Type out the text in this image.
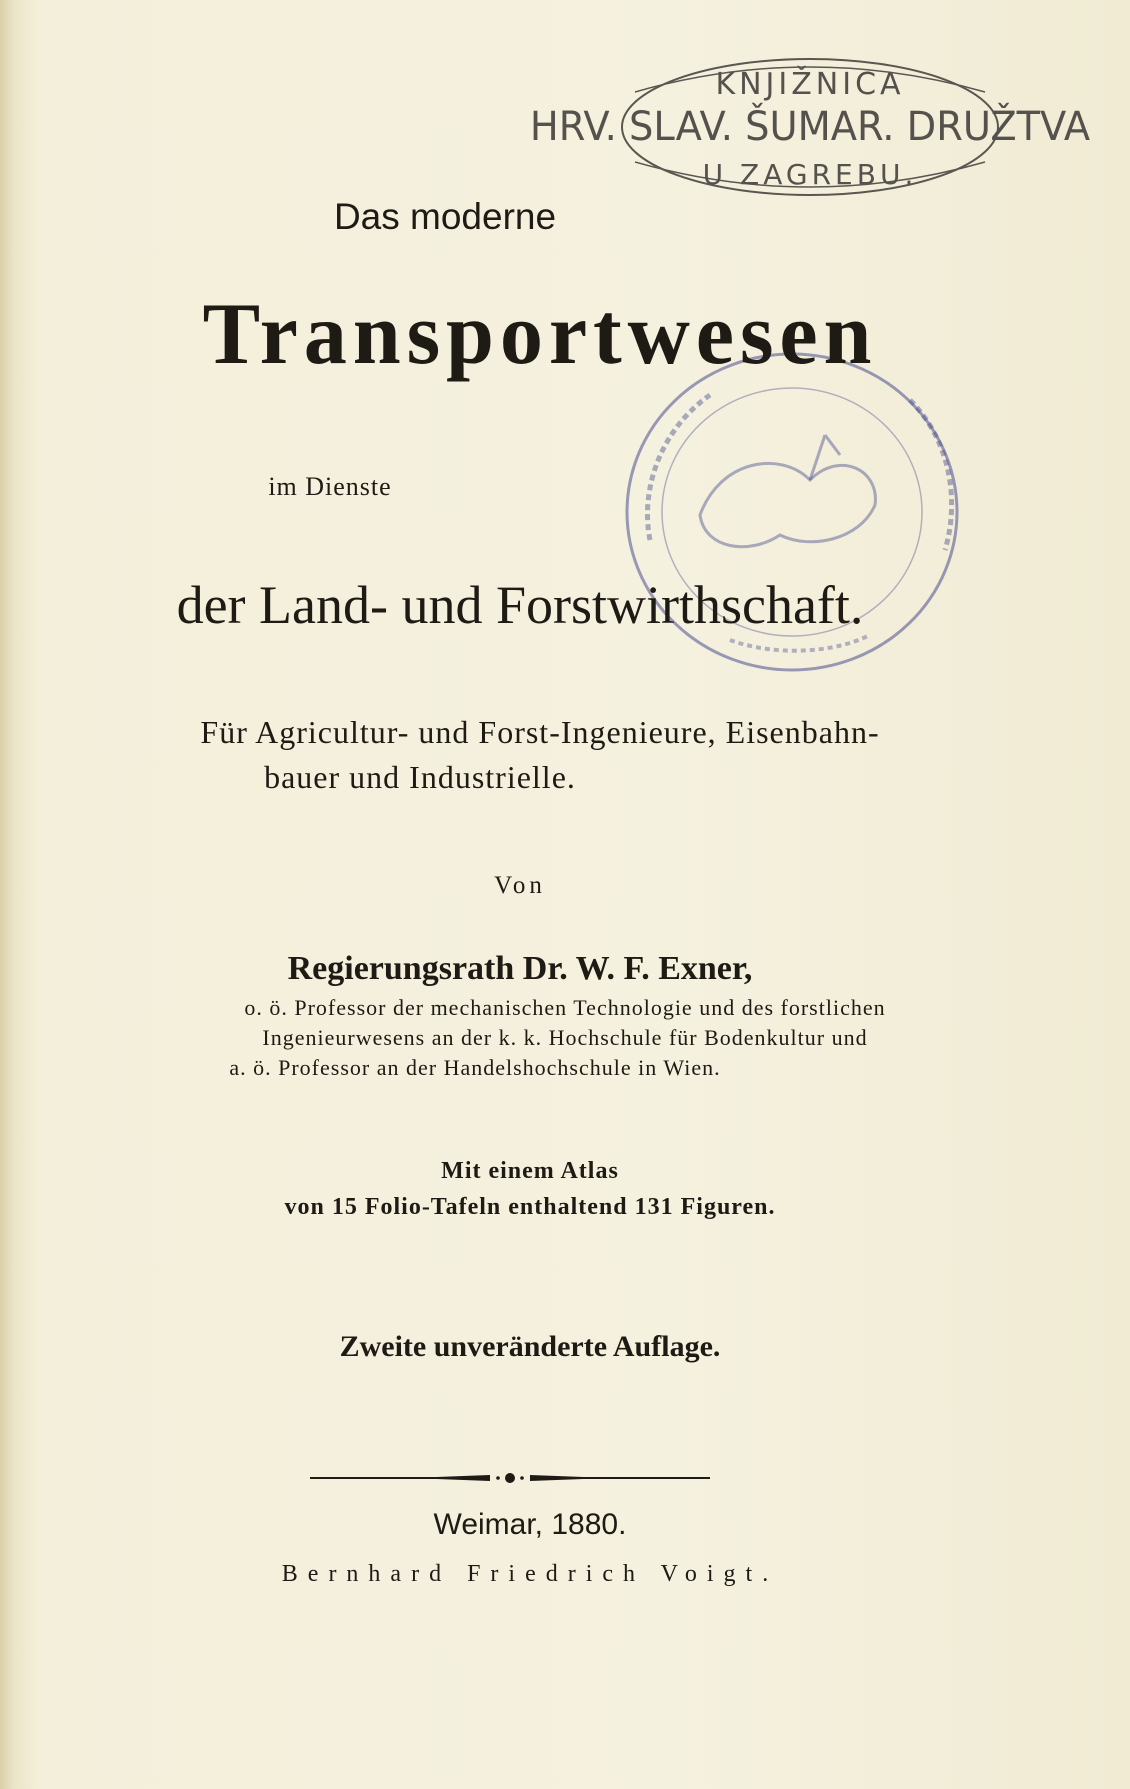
KNJIŽNICA
HRV. SLAV. ŠUMAR. DRUŽTVA
U ZAGREBU.
Das moderne
Transportwesen
im Dienste
der Land- und Forstwirthschaft.
Für Agricultur- und Forst-Ingenieure, Eisenbahn-
bauer und Industrielle.
Von
Regierungsrath Dr. W. F. Exner,
o. ö. Professor der mechanischen Technologie und des forstlichen
Ingenieurwesens an der k. k. Hochschule für Bodenkultur und
a. ö. Professor an der Handelshochschule in Wien.
Mit einem Atlas
von 15 Folio-Tafeln enthaltend 131 Figuren.
Zweite unveränderte Auflage.
Weimar, 1880.
Bernhard Friedrich Voigt.
